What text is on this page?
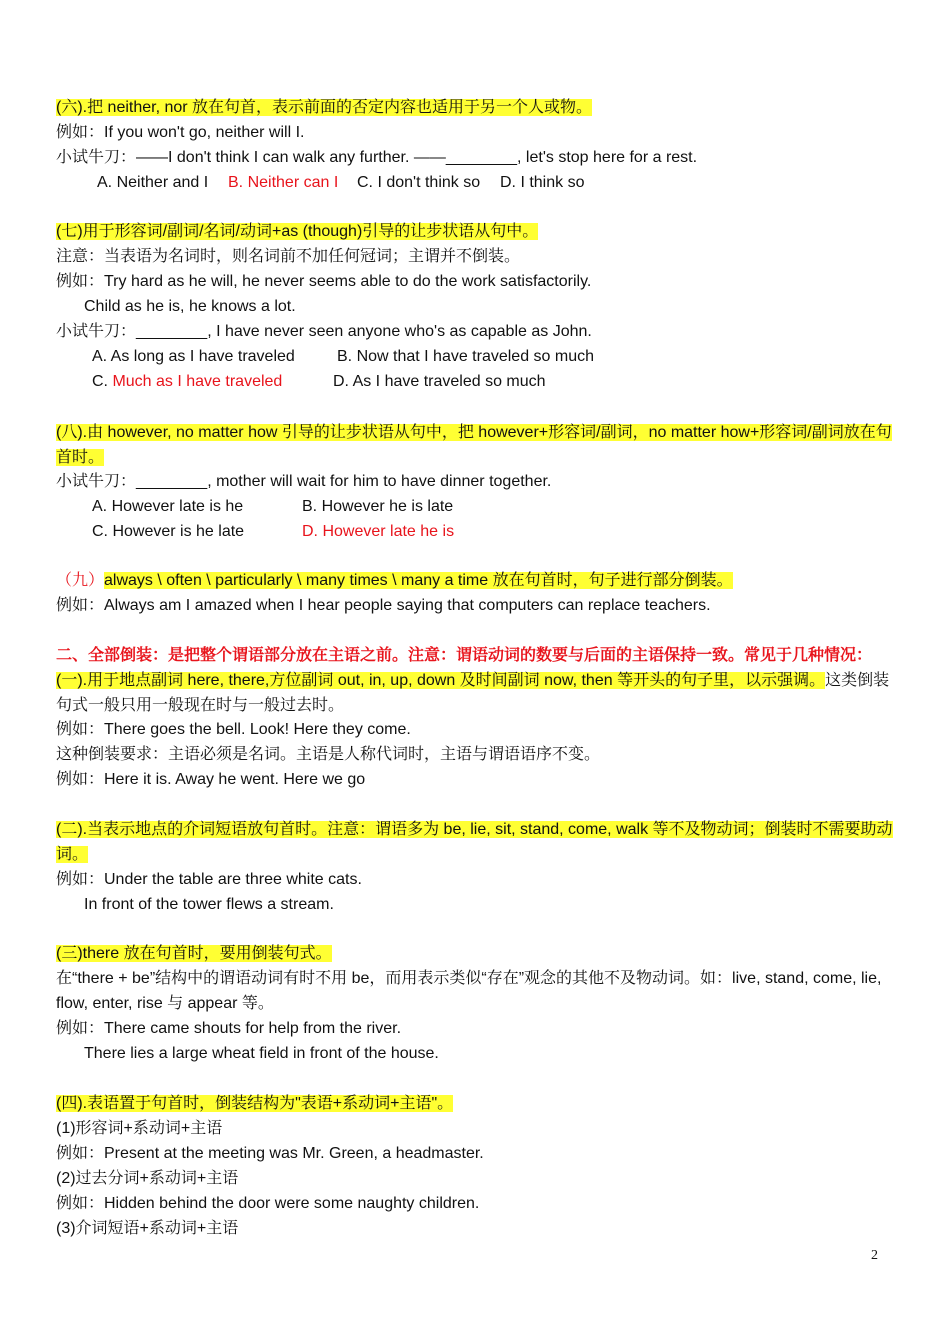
(六).把 neither, nor 放在句首，表示前面的否定内容也适用于另一个人或物。
例如：If you won't go, neither will I.
小试牛刀：——I don't think I can walk any further. ——________, let's stop here for a rest.
A. Neither and I B. Neither can I C. I don't think so D. I think so
(七)用于形容词/副词/名词/动词+as (though)引导的让步状语从句中。
注意：当表语为名词时，则名词前不加任何冠词；主谓并不倒装。
例如：Try hard as he will, he never seems able to do the work satisfactorily.
Child as he is, he knows a lot.
小试牛刀：________, I have never seen anyone who's as capable as John.
A. As long as I have traveled	B. Now that I have traveled so much
C. Much as I have traveled	D. As I have traveled so much
(八).由 however, no matter how 引导的让步状语从句中，把 however+形容词/副词，no matter how+形容词/副词放在句首时。
小试牛刀：________, mother will wait for him to have dinner together.
A. However late is he	B. However he is late
C. However is he late	D. However late he is
（九）always \ often \ particularly \ many times \ many a time 放在句首时，句子进行部分倒装。
例如：Always am I amazed when I hear people saying that computers can replace teachers.
二、全部倒装：是把整个谓语部分放在主语之前。注意：谓语动词的数要与后面的主语保持一致。常见于几种情况：
(一).用于地点副词 here, there,方位副词 out, in, up, down 及时间副词 now, then 等开头的句子里，以示强调。这类倒装句式一般只用一般现在时与一般过去时。
例如：There goes the bell. Look! Here they come.
这种倒装要求：主语必须是名词。主语是人称代词时，主语与谓语语序不变。
例如：Here it is. Away he went. Here we go
(二).当表示地点的介词短语放句首时。注意：谓语多为 be, lie, sit, stand, come, walk 等不及物动词；倒装时不需要助动词。
例如：Under the table are three white cats.
In front of the tower flews a stream.
(三)there 放在句首时，要用倒装句式。
在“there + be”结构中的谓语动词有时不用 be，而用表示类似“存在”观念的其他不及物动词。如：live, stand, come, lie, flow, enter, rise 与 appear 等。
例如：There came shouts for help from the river.
There lies a large wheat field in front of the house.
(四).表语置于句首时，倒装结构为"表语+系动词+主语"。
(1)形容词+系动词+主语
例如：Present at the meeting was Mr. Green, a headmaster.
(2)过去分词+系动词+主语
例如：Hidden behind the door were some naughty children.
(3)介词短语+系动词+主语
2
